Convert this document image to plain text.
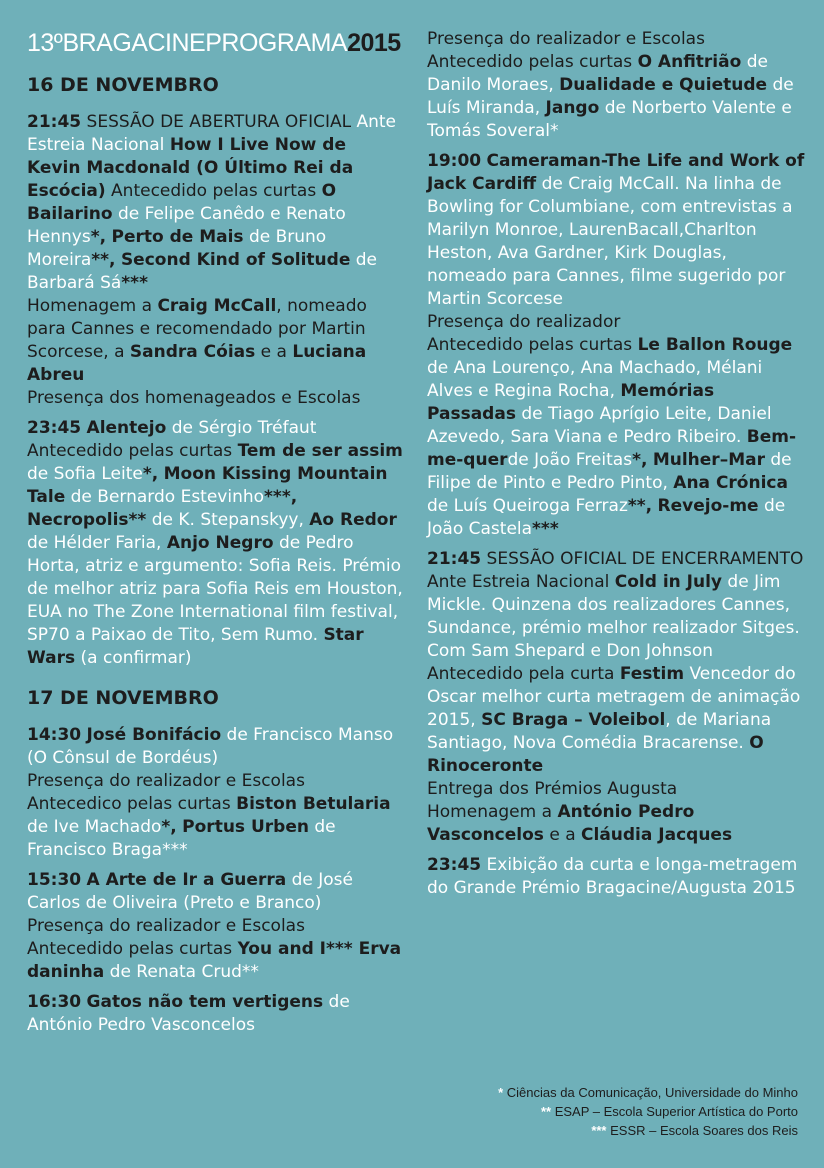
13ºBRAGACINEPROGRAMA2015
16 DE NOVEMBRO
21:45 SESSÃO DE ABERTURA OFICIAL Ante Estreia Nacional How I Live Now de Kevin Macdonald (O Último Rei da Escócia) Antecedido pelas curtas O Bailarino de Felipe Canêdo e Renato Hennys*, Perto de Mais de Bruno Moreira**, Second Kind of Solitude de Barbará Sá***
Homenagem a Craig McCall, nomeado para Cannes e recomendado por Martin Scorcese, a Sandra Cóias e a Luciana Abreu
Presença dos homenageados e Escolas
23:45 Alentejo de Sérgio Tréfaut
Antecedido pelas curtas Tem de ser assim de Sofia Leite*, Moon Kissing Mountain Tale de Bernardo Estevinho***, Necropolis** de K. Stepanskyy, Ao Redor de Hélder Faria, Anjo Negro de Pedro Horta, atriz e argumento: Sofia Reis. Prémio de melhor atriz para Sofia Reis em Houston, EUA no The Zone International film festival, SP70 a Paixao de Tito, Sem Rumo. Star Wars (a confirmar)
17 DE NOVEMBRO
14:30 José Bonifácio de Francisco Manso (O Cônsul de Bordéus)
Presença do realizador e Escolas
Antecedico pelas curtas Biston Betularia de Ive Machado*, Portus Urben de Francisco Braga***
15:30 A Arte de Ir a Guerra de José Carlos de Oliveira (Preto e Branco)
Presença do realizador e Escolas Antecedido pelas curtas You and I*** Erva daninha de Renata Crud**
16:30 Gatos não tem vertigens de António Pedro Vasconcelos
Presença do realizador e Escolas
Antecedido pelas curtas O Anfitrião de Danilo Moraes, Dualidade e Quietude de Luís Miranda, Jango de Norberto Valente e Tomás Soveral*
19:00 Cameraman-The Life and Work of Jack Cardiff de Craig McCall. Na linha de Bowling for Columbiane, com entrevistas a Marilyn Monroe, LaurenBacall,Charlton Heston, Ava Gardner, Kirk Douglas, nomeado para Cannes, filme sugerido por Martin Scorcese
Presença do realizador
Antecedido pelas curtas Le Ballon Rouge de Ana Lourenço, Ana Machado, Mélani Alves e Regina Rocha, Memórias Passadas de Tiago Aprígio Leite, Daniel Azevedo, Sara Viana e Pedro Ribeiro. Bem-me-querde João Freitas*, Mulher–Mar de Filipe de Pinto e Pedro Pinto, Ana Crónica de Luís Queiroga Ferraz**, Revejo-me de João Castela***
21:45 SESSÃO OFICIAL DE ENCERRAMENTO Ante Estreia Nacional Cold in July de Jim Mickle. Quinzena dos realizadores Cannes, Sundance, prémio melhor realizador Sitges. Com Sam Shepard e Don Johnson
Antecedido pela curta Festim Vencedor do Oscar melhor curta metragem de animação 2015, SC Braga – Voleibol, de Mariana Santiago, Nova Comédia Bracarense. O Rinoceronte
Entrega dos Prémios Augusta
Homenagem a António Pedro Vasconcelos e a Cláudia Jacques
23:45 Exibição da curta e longa-metragem do Grande Prémio Bragacine/Augusta 2015
* Ciências da Comunicação, Universidade do Minho
** ESAP – Escola Superior Artística do Porto
*** ESSR – Escola Soares dos Reis
